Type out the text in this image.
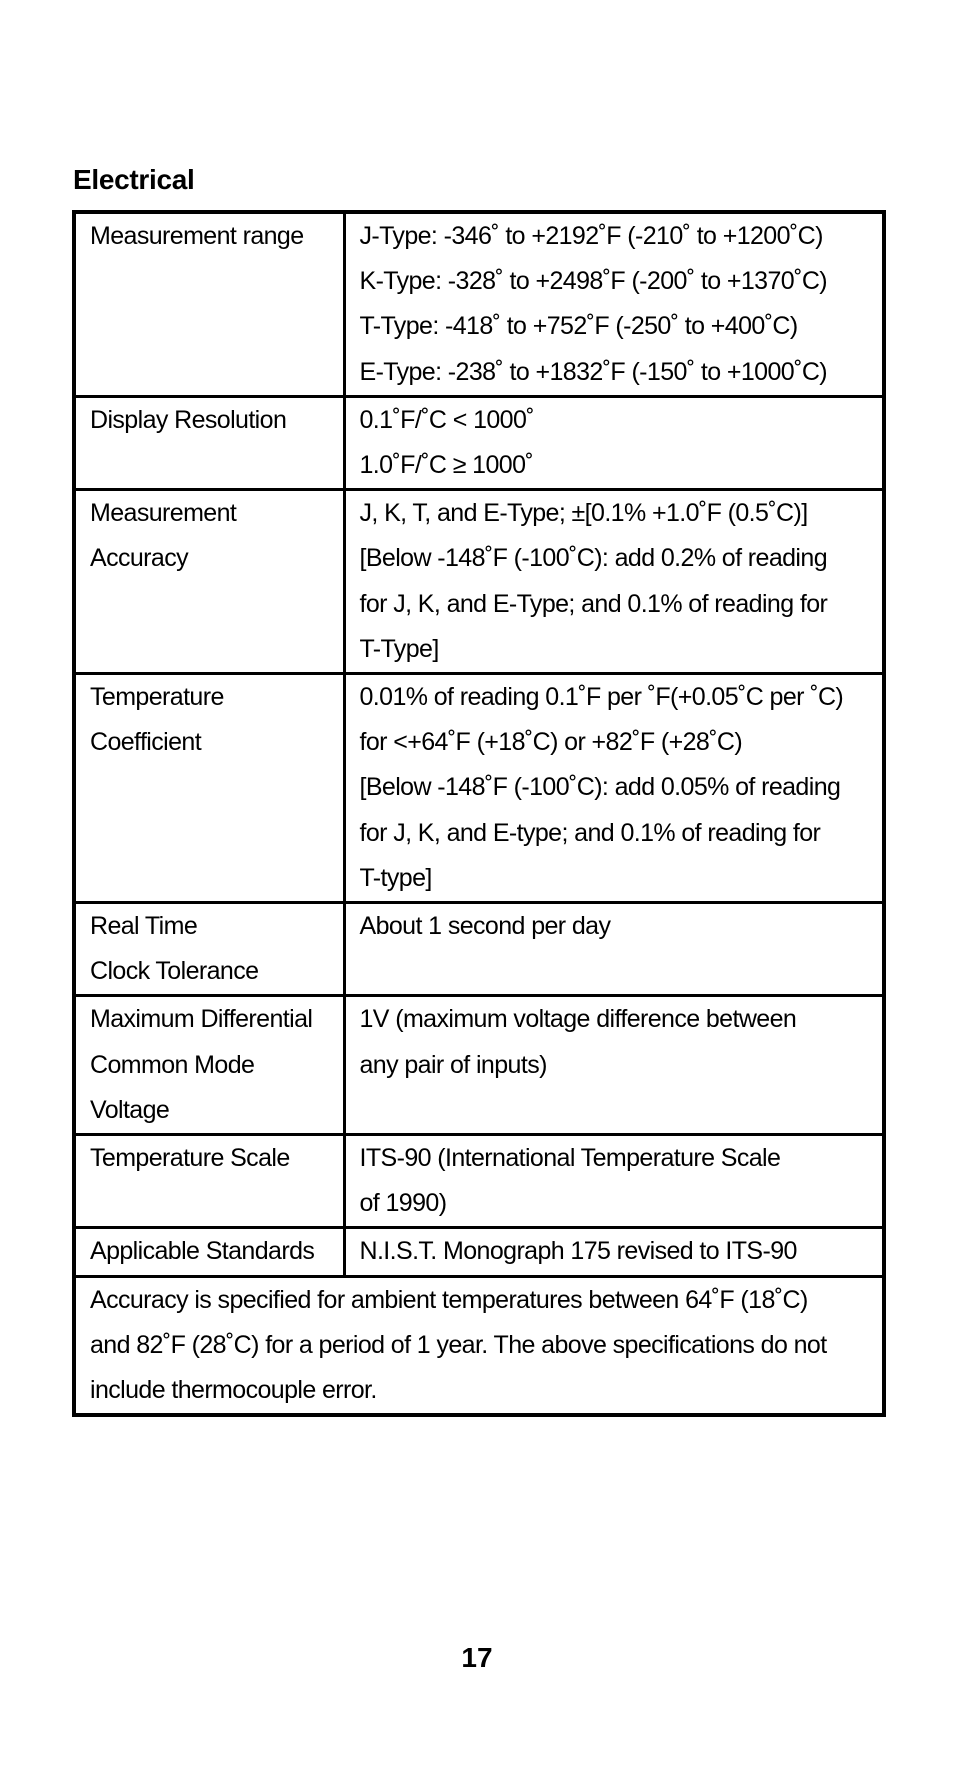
Electrical
Measurement range	J-Type: -346˚ to +2192˚F (-210˚ to +1200˚C)
K-Type: -328˚ to +2498˚F (-200˚ to +1370˚C)
T-Type: -418˚ to +752˚F (-250˚ to +400˚C)
E-Type: -238˚ to +1832˚F (-150˚ to +1000˚C)

Display Resolution	0.1˚F/˚C < 1000˚
1.0˚F/˚C ≥ 1000˚

Measurement
Accuracy	J, K, T, and E-Type; ±[0.1% +1.0˚F (0.5˚C)]
[Below -148˚F (-100˚C): add 0.2% of reading
for J, K, and E-Type; and 0.1% of reading for
T-Type]

Temperature
Coefficient	0.01% of reading 0.1˚F per ˚F(+0.05˚C per ˚C)
for <+64˚F (+18˚C) or +82˚F (+28˚C)
[Below -148˚F (-100˚C): add 0.05% of reading
for J, K, and E-type; and 0.1% of reading for
T-type]

Real Time
Clock Tolerance	About 1 second per day

Maximum Differential
Common Mode
Voltage	1V (maximum voltage difference between
any pair of inputs)

Temperature Scale	ITS-90 (International Temperature Scale
of 1990)

Applicable Standards	N.I.S.T. Monograph 175 revised to ITS-90

Accuracy is specified for ambient temperatures between 64˚F (18˚C)
and 82˚F (28˚C) for a period of 1 year. The above specifications do not
include thermocouple error.	
17
